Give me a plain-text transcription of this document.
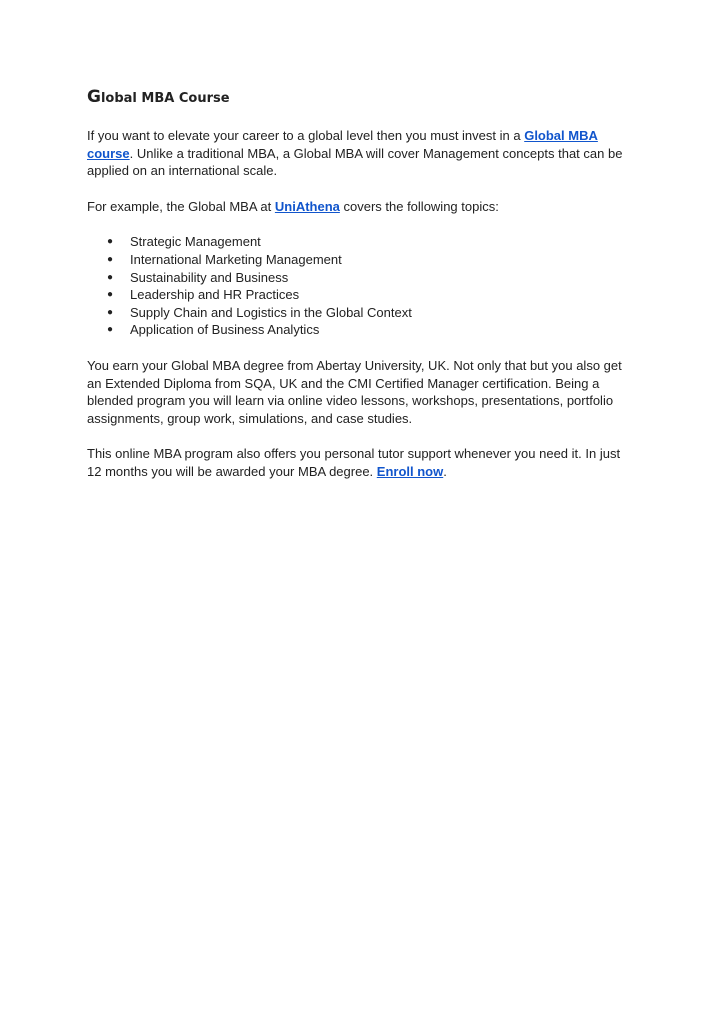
Global MBA Course

If you want to elevate your career to a global level then you must invest in a Global MBA course. Unlike a traditional MBA, a Global MBA will cover Management concepts that can be applied on an international scale.

For example, the Global MBA at UniAthena covers the following topics:

● Strategic Management
● International Marketing Management
● Sustainability and Business
● Leadership and HR Practices
● Supply Chain and Logistics in the Global Context
● Application of Business Analytics

You earn your Global MBA degree from Abertay University, UK. Not only that but you also get an Extended Diploma from SQA, UK and the CMI Certified Manager certification. Being a blended program you will learn via online video lessons, workshops, presentations, portfolio assignments, group work, simulations, and case studies.

This online MBA program also offers you personal tutor support whenever you need it. In just 12 months you will be awarded your MBA degree. Enroll now.
